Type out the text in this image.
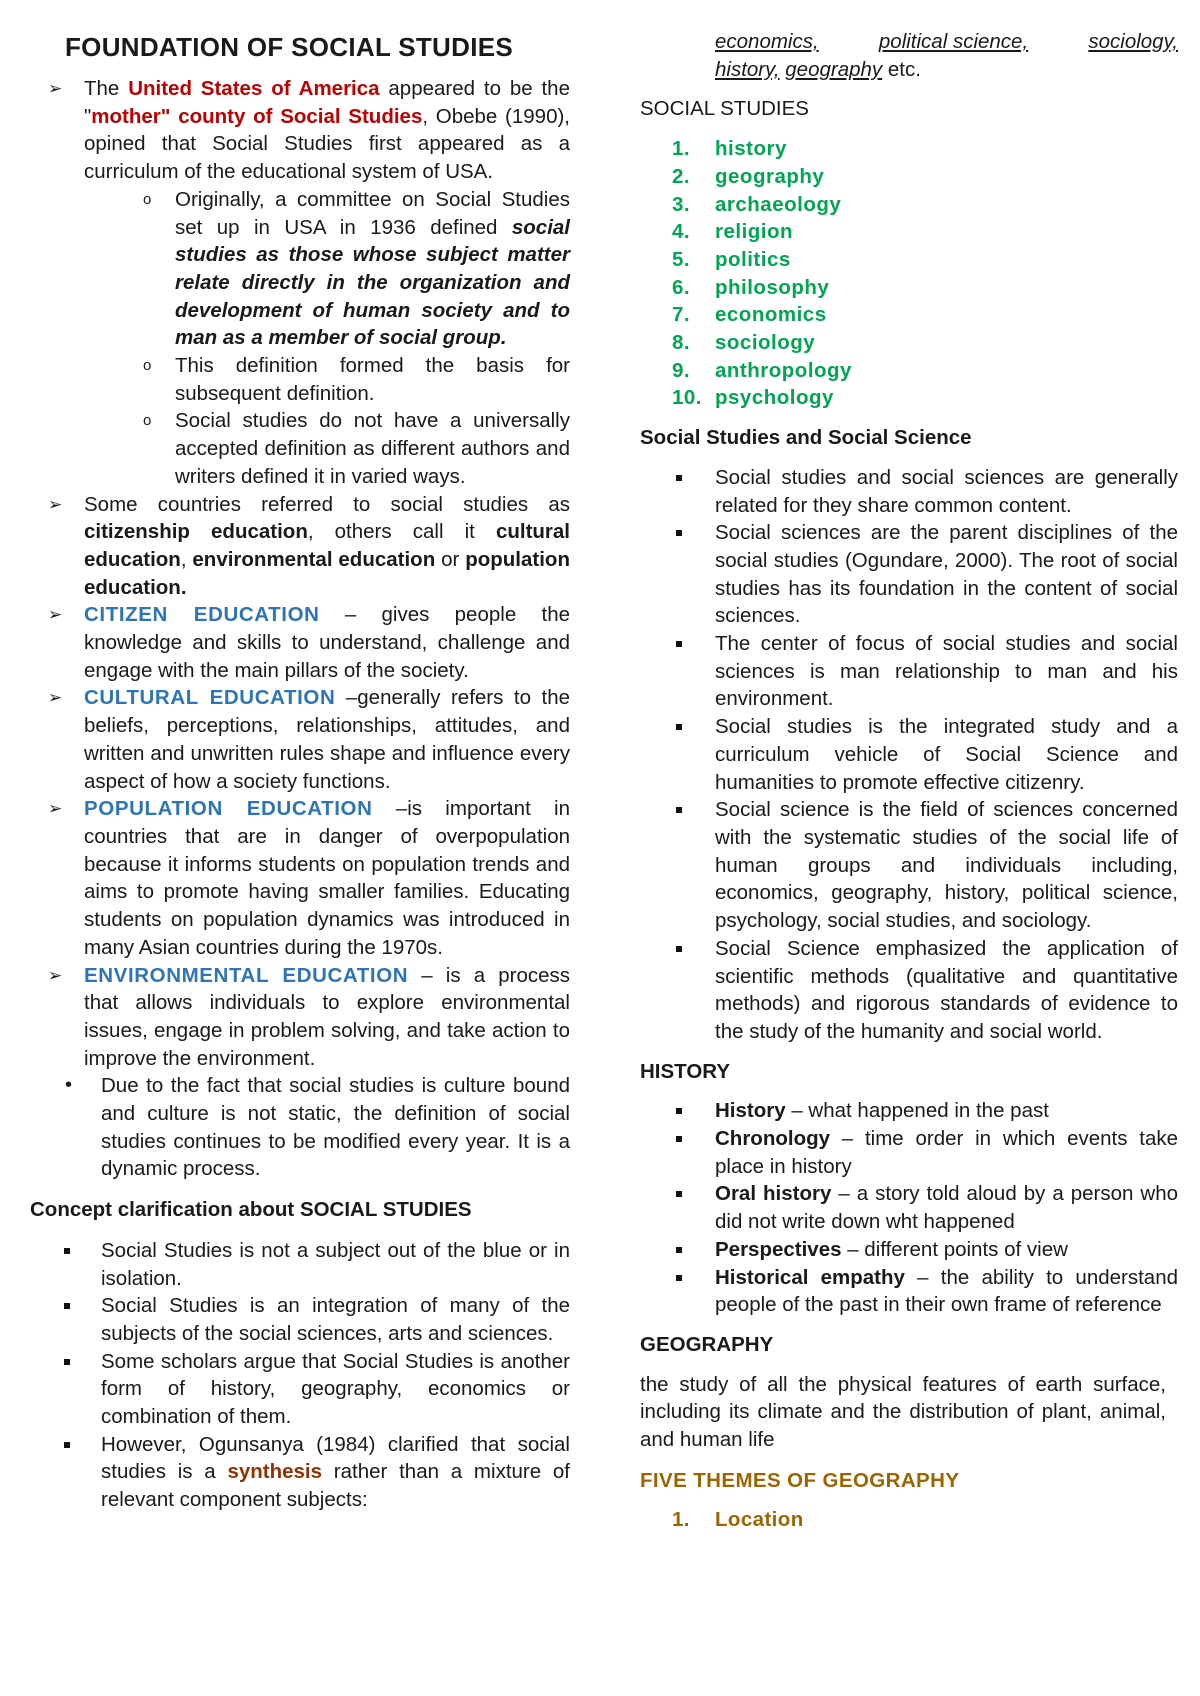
FOUNDATION OF SOCIAL STUDIES
➢ The United States of America appeared to be the "mother" county of Social Studies, Obebe (1990), opined that Social Studies first appeared as a curriculum of the educational system of USA.
o Originally, a committee on Social Studies set up in USA in 1936 defined social studies as those whose subject matter relate directly in the organization and development of human society and to man as a member of social group.
o This definition formed the basis for subsequent definition.
o Social studies do not have a universally accepted definition as different authors and writers defined it in varied ways.
➢ Some countries referred to social studies as citizenship education, others call it cultural education, environmental education or population education.
➢ CITIZEN EDUCATION – gives people the knowledge and skills to understand, challenge and engage with the main pillars of the society.
➢ CULTURAL EDUCATION –generally refers to the beliefs, perceptions, relationships, attitudes, and written and unwritten rules shape and influence every aspect of how a society functions.
➢ POPULATION EDUCATION –is important in countries that are in danger of overpopulation because it informs students on population trends and aims to promote having smaller families. Educating students on population dynamics was introduced in many Asian countries during the 1970s.
➢ ENVIRONMENTAL EDUCATION – is a process that allows individuals to explore environmental issues, engage in problem solving, and take action to improve the environment.
• Due to the fact that social studies is culture bound and culture is not static, the definition of social studies continues to be modified every year. It is a dynamic process.

Concept clarification about SOCIAL STUDIES

Social Studies is not a subject out of the blue or in isolation.
Social Studies is an integration of many of the subjects of the social sciences, arts and sciences.
Some scholars argue that Social Studies is another form of history, geography, economics or combination of them.
However, Ogunsanya (1984) clarified that social studies is a synthesis rather than a mixture of relevant component subjects:
economics,	political science,	sociology,
history, geography etc.

SOCIAL STUDIES

1. history
2. geography
3. archaeology
4. religion
5. politics
6. philosophy
7. economics
8. sociology
9. anthropology
10. psychology

Social Studies and Social Science

Social studies and social sciences are generally related for they share common content.
Social sciences are the parent disciplines of the social studies (Ogundare, 2000). The root of social studies has its foundation in the content of social sciences.
The center of focus of social studies and social sciences is man relationship to man and his environment.
Social studies is the integrated study and a curriculum vehicle of Social Science and humanities to promote effective citizenry.
Social science is the field of sciences concerned with the systematic studies of the social life of human groups and individuals including, economics, geography, history, political science, psychology, social studies, and sociology.
Social Science emphasized the application of scientific methods (qualitative and quantitative methods) and rigorous standards of evidence to the study of the humanity and social world.

HISTORY

History – what happened in the past
Chronology – time order in which events take place in history
Oral history – a story told aloud by a person who did not write down wht happened
Perspectives – different points of view
Historical empathy – the ability to understand people of the past in their own frame of reference

GEOGRAPHY

the study of all the physical features of earth surface, including its climate and the distribution of plant, animal, and human life

FIVE THEMES OF GEOGRAPHY

1. Location
